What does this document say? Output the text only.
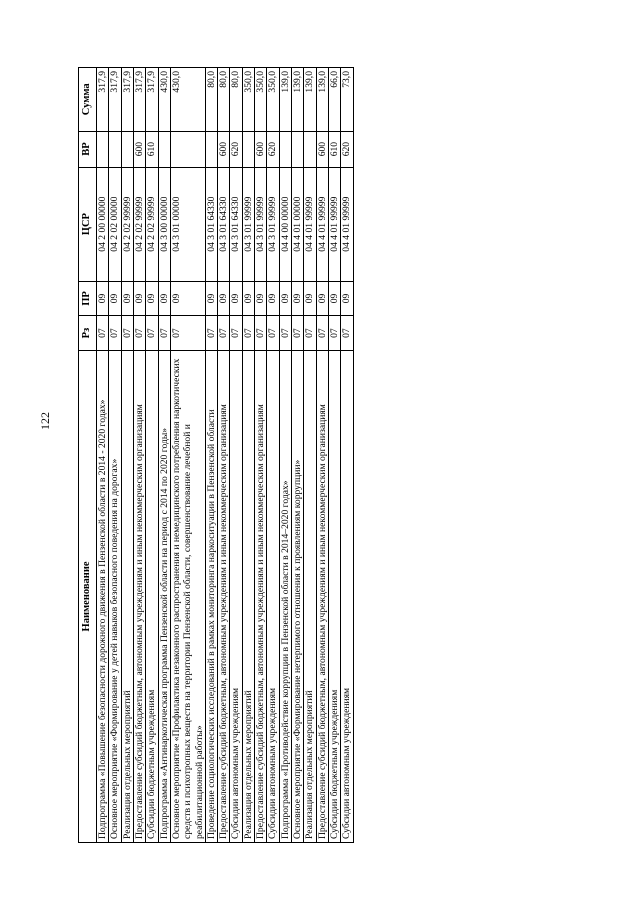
122
Наименование	Рз	ПР	ЦСР	ВР	Сумма
Подпрограмма «Повышение безопасности дорожного движения в Пензенской области в 2014 - 2020 годах»	07	09	04 2 00 00000		317,9
Основное мероприятие «Формирование у детей навыков безопасного поведения на дорогах»	07	09	04 2 02 00000		317,9
Реализация отдельных мероприятий	07	09	04 2 02 99999		317,9
Предоставление субсидий бюджетным, автономным учреждениям и иным некоммерческим организациям	07	09	04 2 02 99999	600	317,9
Субсидии бюджетным учреждениям	07	09	04 2 02 99999	610	317,9
Подпрограмма «Антинаркотическая программа Пензенской области на период с 2014 по 2020 годы»	07	09	04 3 00 00000		430,0
Основное мероприятие «Профилактика незаконного распространения и немедицинского потребления наркотических средств и психотропных веществ на территории Пензенской области, совершенствование лечебной и реабилитационной работы»	07	09	04 3 01 00000		430,0
Проведение социологических исследований в рамках мониторинга наркоситуации в Пензенской области	07	09	04 3 01 64330		80,0
Предоставление субсидий бюджетным, автономным учреждениям и иным некоммерческим организациям	07	09	04 3 01 64330	600	80,0
Субсидии автономным учреждениям	07	09	04 3 01 64330	620	80,0
Реализация отдельных мероприятий	07	09	04 3 01 99999		350,0
Предоставление субсидий бюджетным, автономным учреждениям и иным некоммерческим организациям	07	09	04 3 01 99999	600	350,0
Субсидии автономным учреждениям	07	09	04 3 01 99999	620	350,0
Подпрограмма «Противодействие коррупции в Пензенской области в 2014–2020 годах»	07	09	04 4 00 00000		139,0
Основное мероприятие «Формирование нетерпимого отношения к проявлениям коррупции»	07	09	04 4 01 00000		139,0
Реализация отдельных мероприятий	07	09	04 4 01 99999		139,0
Предоставление субсидий бюджетным, автономным учреждениям и иным некоммерческим организациям	07	09	04 4 01 99999	600	139,0
Субсидии бюджетным учреждениям	07	09	04 4 01 99999	610	66,0
Субсидии автономным учреждениям	07	09	04 4 01 99999	620	73,0
